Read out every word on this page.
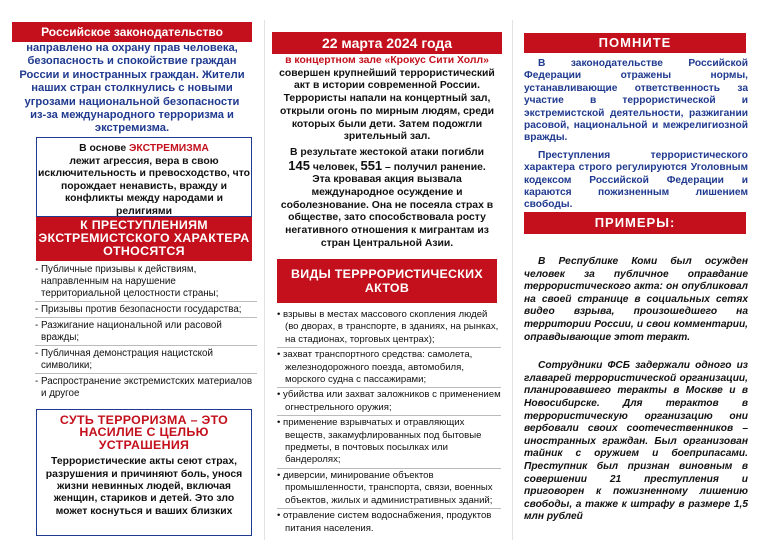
Российское законодательство
направлено на охрану прав человека, безопасность и спокойствие граждан России и иностранных граждан. Жители наших стран столкнулись с новыми угрозами национальной безопасности из-за международного терроризма и экстремизма.
В основе ЭКСТРЕМИЗМА
лежит агрессия, вера в свою исключительность и превосходство, что порождает ненависть, вражду и конфликты между народами и религиями
К ПРЕСТУПЛЕНИЯМ ЭКСТРЕМИСТСКОГО ХАРАКТЕРА ОТНОСЯТСЯ
- Публичные призывы к действиям, направленным на нарушение территориальной целостности страны;
- Призывы против безопасности государства;
- Разжигание национальной или расовой вражды;
- Публичная демонстрация нацистской символики;
- Распространение экстремистских материалов и другое
СУТЬ ТЕРРОРИЗМА – ЭТО НАСИЛИЕ С ЦЕЛЬЮ УСТРАШЕНИЯ
Террористические акты сеют страх, разрушения и причиняют боль, унося жизни невинных людей, включая женщин, стариков и детей. Это зло может коснуться и ваших близких
22 марта 2024 года
в концертном зале «Крокус Сити Холл»
совершен крупнейший террористический акт в истории современной России. Террористы напали на концертный зал, открыли огонь по мирным людям, среди которых были дети. Затем подожгли зрительный зал.
В результате жестокой атаки погибли
145 человек, 551 – получил ранение.
Эта кровавая акция вызвала международное осуждение и соболезнование. Она не посеяла страх в обществе, зато способствовала росту негативного отношения к мигрантам из стран Центральной Азии.
ВИДЫ ТЕРРРОРИСТИЧЕСКИХ АКТОВ
• взрывы в местах массового скопления людей (во дворах, в транспорте, в зданиях, на рынках, на стадионах, торговых центрах);
• захват транспортного средства: самолета, железнодорожного поезда, автомобиля, морского судна с пассажирами;
• убийства или захват заложников с применением огнестрельного оружия;
• применение взрывчатых и отравляющих веществ, закамуфлированных под бытовые предметы, в почтовых посылках или бандеролях;
• диверсии, минирование объектов промышленности, транспорта, связи, военных объектов, жилых и административных зданий;
• отравление систем водоснабжения, продуктов питания населения.
ПОМНИТЕ
В законодательстве Российской Федерации отражены нормы, устанавливающие ответственность за участие в террористической и экстремистской деятельности, разжигании расовой, национальной и межрелигиозной вражды.
Преступления террористического характера строго регулируются Уголовным кодексом Российской Федерации и караются пожизненным лишением свободы.
ПРИМЕРЫ:
В Республике Коми был осужден человек за публичное оправдание террористического акта: он опубликовал на своей странице в социальных сетях видео взрыва, произошедшего на территории России, и свои комментарии, оправдывающие этот теракт.
Сотрудники ФСБ задержали одного из главарей террористической организации, планировавшего теракты в Москве и в Новосибирске. Для терактов в террористическую организацию они вербовали своих соотечественников – иностранных граждан. Был организован тайник с оружием и боеприпасами. Преступник был признан виновным в совершении 21 преступления и приговорен к пожизненному лишению свободы, а также к штрафу в размере 1,5 млн рублей
